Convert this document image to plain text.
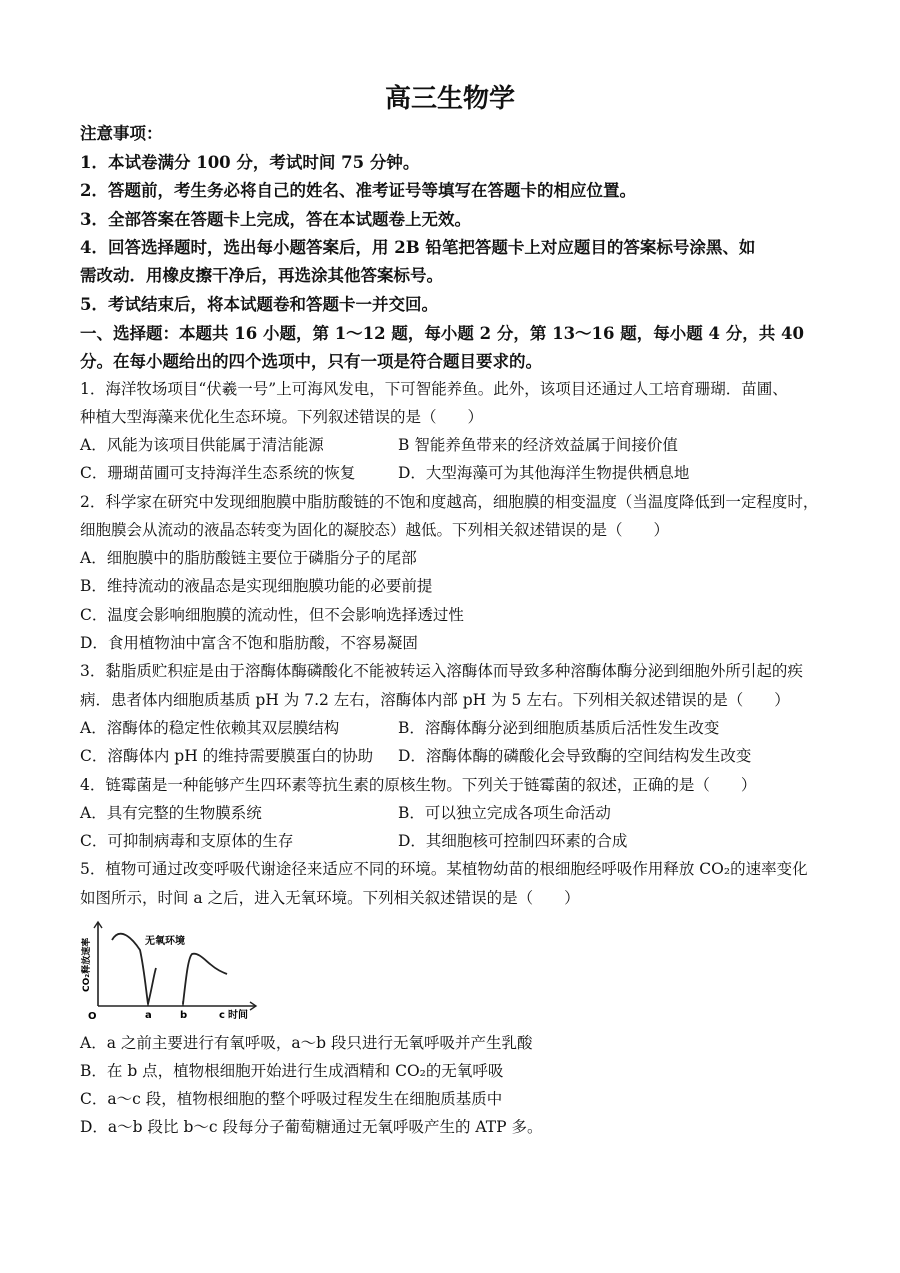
高三生物学
注意事项：
1．本试卷满分 100 分，考试时间 75 分钟。
2．答题前，考生务必将自己的姓名、准考证号等填写在答题卡的相应位置。
3．全部答案在答题卡上完成，答在本试题卷上无效。
4．回答选择题时，选出每小题答案后，用 2B 铅笔把答题卡上对应题目的答案标号涂黑、如
需改动．用橡皮擦干净后，再选涂其他答案标号。
5．考试结束后，将本试题卷和答题卡一并交回。
一、选择题：本题共 16 小题，第 1～12 题，每小题 2 分，第 13～16 题，每小题 4 分，共 40
分。在每小题给出的四个选项中，只有一项是符合题目要求的。
1．海洋牧场项目“伏羲一号”上可海风发电，下可智能养鱼。此外，该项目还通过人工培育珊瑚．苗圃、
种植大型海藻来优化生态环境。下列叙述错误的是（　　）
A．风能为该项目供能属于清洁能源	B 智能养鱼带来的经济效益属于间接价值
C．珊瑚苗圃可支持海洋生态系统的恢复	D．大型海藻可为其他海洋生物提供栖息地
2．科学家在研究中发现细胞膜中脂肪酸链的不饱和度越高，细胞膜的相变温度（当温度降低到一定程度时，
细胞膜会从流动的液晶态转变为固化的凝胶态）越低。下列相关叙述错误的是（　　）
A．细胞膜中的脂肪酸链主要位于磷脂分子的尾部
B．维持流动的液晶态是实现细胞膜功能的必要前提
C．温度会影响细胞膜的流动性，但不会影响选择透过性
D．食用植物油中富含不饱和脂肪酸，不容易凝固
3．黏脂质贮积症是由于溶酶体酶磷酸化不能被转运入溶酶体而导致多种溶酶体酶分泌到细胞外所引起的疾
病．患者体内细胞质基质 pH 为 7.2 左右，溶酶体内部 pH 为 5 左右。下列相关叙述错误的是（　　）
A．溶酶体的稳定性依赖其双层膜结构	B．溶酶体酶分泌到细胞质基质后活性发生改变
C．溶酶体内 pH 的维持需要膜蛋白的协助 D．溶酶体酶的磷酸化会导致酶的空间结构发生改变
4．链霉菌是一种能够产生四环素等抗生素的原核生物。下列关于链霉菌的叙述，正确的是（　　）
A．具有完整的生物膜系统	B．可以独立完成各项生命活动
C．可抑制病毒和支原体的生存	D．其细胞核可控制四环素的合成
5．植物可通过改变呼吸代谢途径来适应不同的环境。某植物幼苗的根细胞经呼吸作用释放 CO₂的速率变化
如图所示，时间 a 之后，进入无氧环境。下列相关叙述错误的是（　　）
CO₂释放速率	无氧环境
O	a	b	c 时间
A．a 之前主要进行有氧呼吸，a～b 段只进行无氧呼吸并产生乳酸
B．在 b 点，植物根细胞开始进行生成酒精和 CO₂的无氧呼吸
C．a～c 段，植物根细胞的整个呼吸过程发生在细胞质基质中
D．a～b 段比 b～c 段每分子葡萄糖通过无氧呼吸产生的 ATP 多。
